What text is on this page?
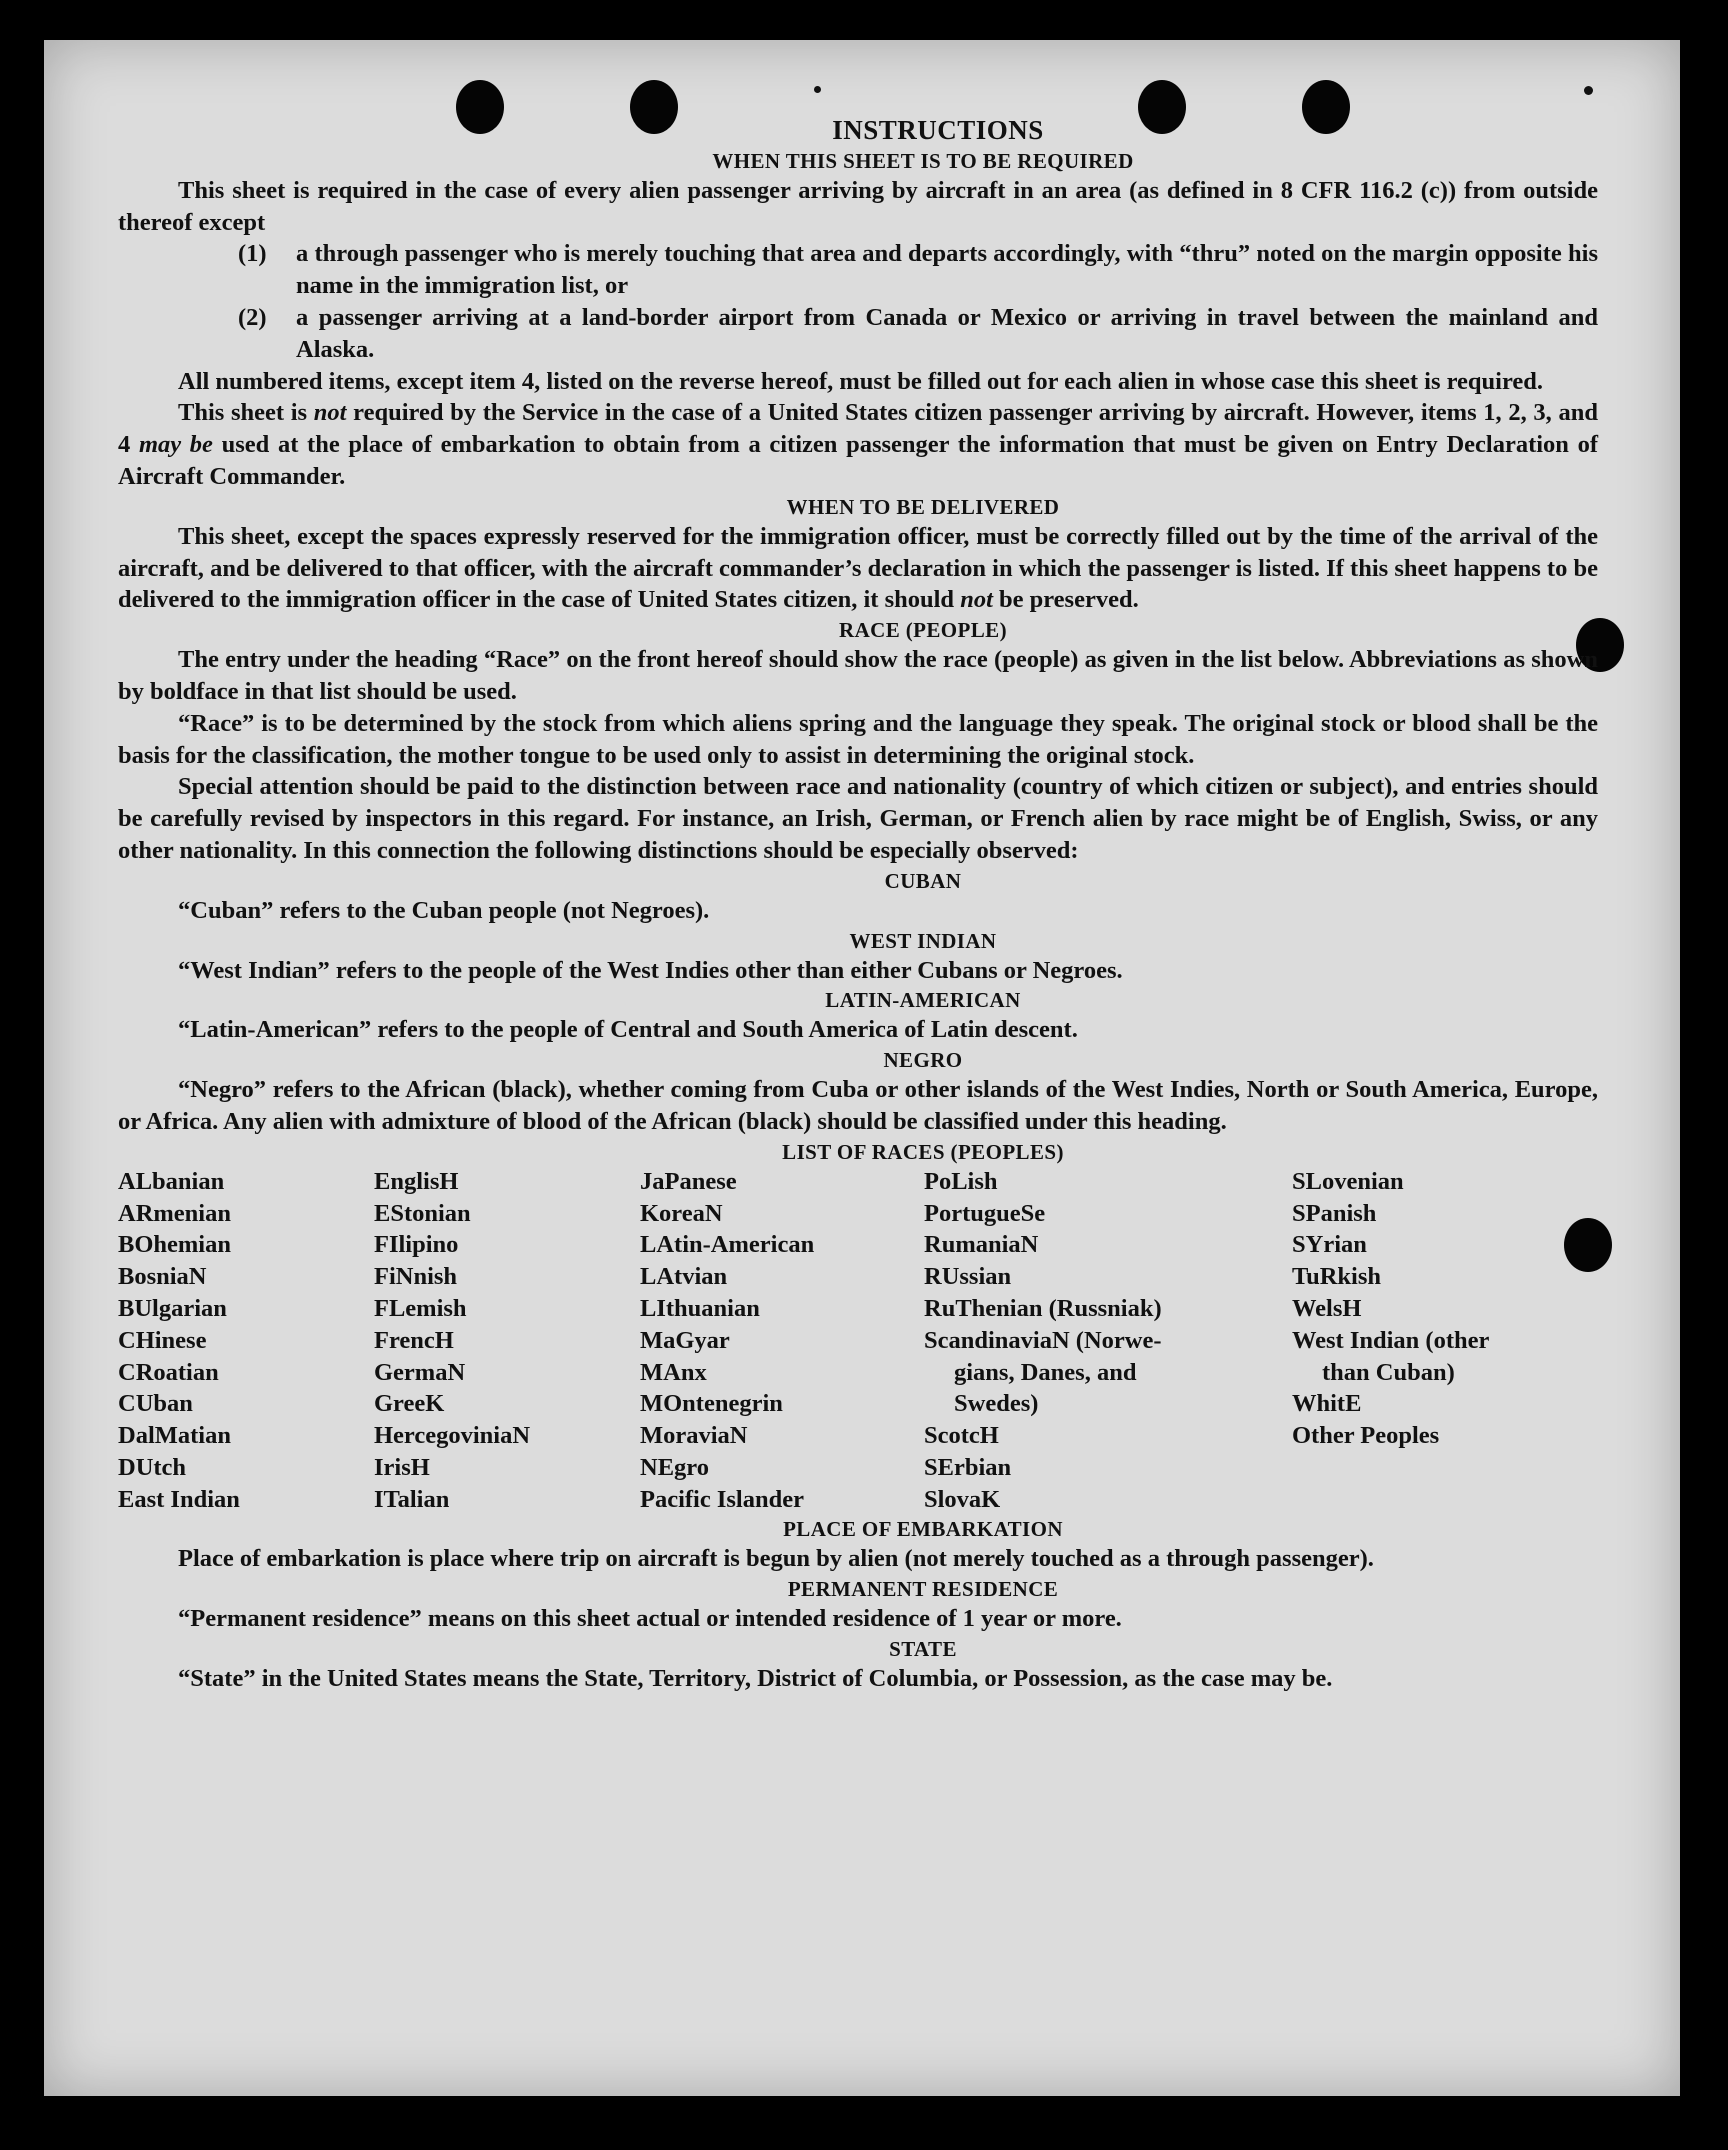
INSTRUCTIONS
WHEN THIS SHEET IS TO BE REQUIRED

This sheet is required in the case of every alien passenger arriving by aircraft in an area (as defined in 8 CFR 116.2 (c)) from outside thereof except

(1)	a through passenger who is merely touching that area and departs accordingly, with “thru” noted on the margin opposite his name in the immigration list, or
(2)	a passenger arriving at a land-border airport from Canada or Mexico or arriving in travel between the mainland and Alaska.

All numbered items, except item 4, listed on the reverse hereof, must be filled out for each alien in whose case this sheet is required.

This sheet is not required by the Service in the case of a United States citizen passenger arriving by aircraft. However, items 1, 2, 3, and 4 may be used at the place of embarkation to obtain from a citizen passenger the information that must be given on Entry Declaration of Aircraft Commander.

WHEN TO BE DELIVERED

This sheet, except the spaces expressly reserved for the immigration officer, must be correctly filled out by the time of the arrival of the aircraft, and be delivered to that officer, with the aircraft commander’s declaration in which the passenger is listed. If this sheet happens to be delivered to the immigration officer in the case of United States citizen, it should not be preserved.

RACE (PEOPLE)

The entry under the heading “Race” on the front hereof should show the race (people) as given in the list below. Abbreviations as shown by boldface in that list should be used.

“Race” is to be determined by the stock from which aliens spring and the language they speak. The original stock or blood shall be the basis for the classification, the mother tongue to be used only to assist in determining the original stock.

Special attention should be paid to the distinction between race and nationality (country of which citizen or subject), and entries should be carefully revised by inspectors in this regard. For instance, an Irish, German, or French alien by race might be of English, Swiss, or any other nationality. In this connection the following distinctions should be especially observed:

CUBAN

“Cuban” refers to the Cuban people (not Negroes).

WEST INDIAN

“West Indian” refers to the people of the West Indies other than either Cubans or Negroes.

LATIN-AMERICAN

“Latin-American” refers to the people of Central and South America of Latin descent.

NEGRO

“Negro” refers to the African (black), whether coming from Cuba or other islands of the West Indies, North or South America, Europe, or Africa. Any alien with admixture of blood of the African (black) should be classified under this heading.

LIST OF RACES (PEOPLES)
ALbanian
ARmenian
BOhemian
BosniaN
BUlgarian
CHinese
CRoatian
CUban
DalMatian
DUtch
East Indian
EnglisH
EStonian
FIlipino
FiNnish
FLemish
FrencH
GermaN
GreeK
HercegoviniaN
IrisH
ITalian
JaPanese
KoreaN
LAtin-American
LAtvian
LIthuanian
MaGyar
MAnx
MOntenegrin
MoraviaN
NEgro
Pacific Islander
PoLish
PortugueSe
RumaniaN
RUssian
RuThenian (Russniak)
ScandinaviaN (Norwe-
gians, Danes, and
Swedes)
ScotcH
SErbian
SlovaK
SLovenian
SPanish
SYrian
TuRkish
WelsH
West Indian (other
than Cuban)
WhitE
Other Peoples
PLACE OF EMBARKATION

Place of embarkation is place where trip on aircraft is begun by alien (not merely touched as a through passenger).

PERMANENT RESIDENCE

“Permanent residence” means on this sheet actual or intended residence of 1 year or more.

STATE

“State” in the United States means the State, Territory, District of Columbia, or Possession, as the case may be.
